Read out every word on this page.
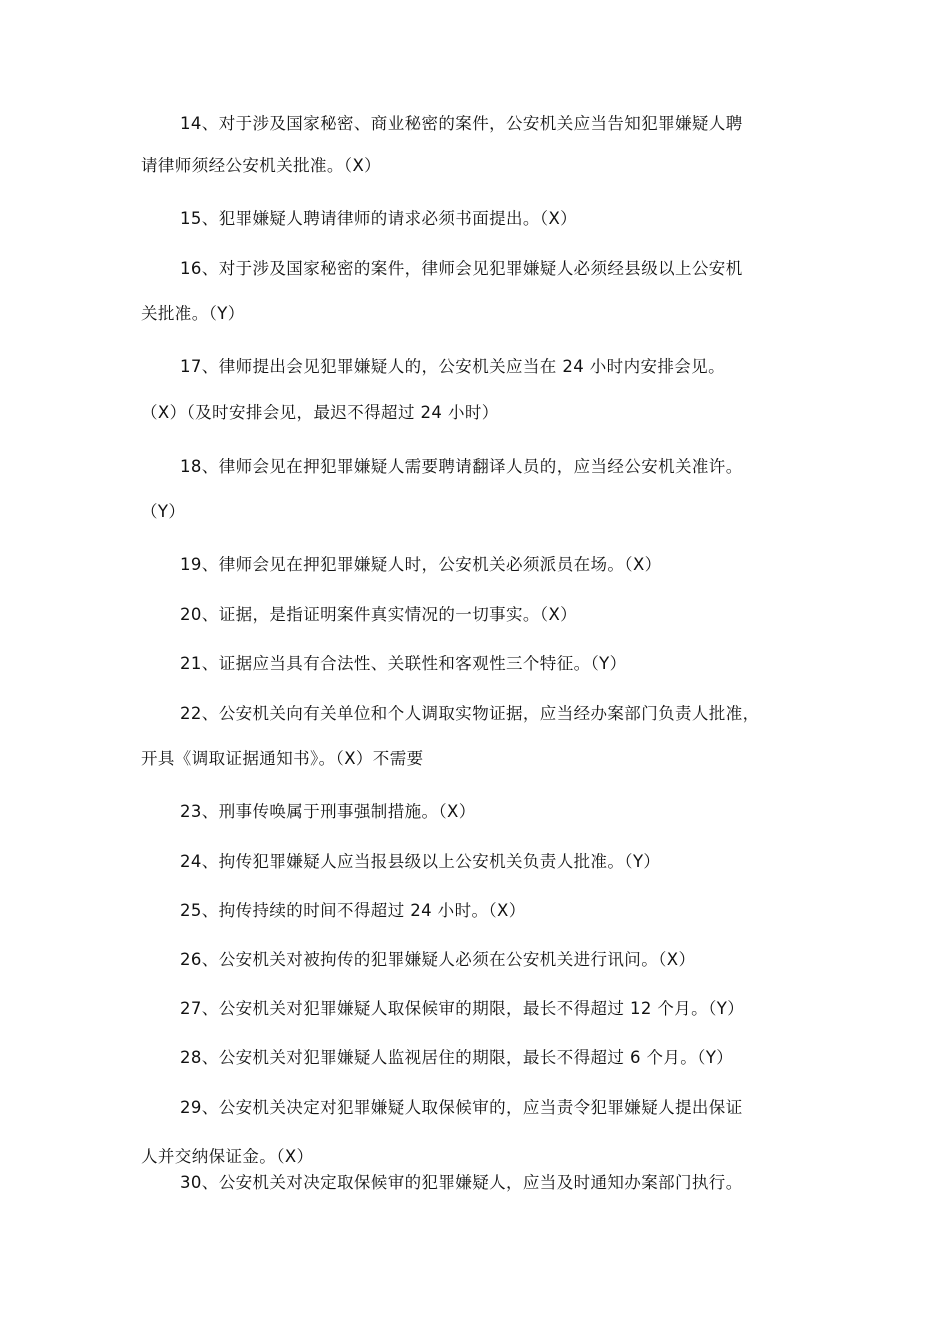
14、对于涉及国家秘密、商业秘密的案件，公安机关应当告知犯罪嫌疑人聘
请律师须经公安机关批准。（X）
15、犯罪嫌疑人聘请律师的请求必须书面提出。（X）
16、对于涉及国家秘密的案件，律师会见犯罪嫌疑人必须经县级以上公安机
关批准。（Y）
17、律师提出会见犯罪嫌疑人的，公安机关应当在 24 小时内安排会见。
（X）（及时安排会见，最迟不得超过 24 小时）
18、律师会见在押犯罪嫌疑人需要聘请翻译人员的，应当经公安机关准许。
（Y）
19、律师会见在押犯罪嫌疑人时，公安机关必须派员在场。（X）
20、证据，是指证明案件真实情况的一切事实。（X）
21、证据应当具有合法性、关联性和客观性三个特征。（Y）
22、公安机关向有关单位和个人调取实物证据，应当经办案部门负责人批准，
开具《调取证据通知书》。（X）不需要
23、刑事传唤属于刑事强制措施。（X）
24、拘传犯罪嫌疑人应当报县级以上公安机关负责人批准。（Y）
25、拘传持续的时间不得超过 24 小时。（X）
26、公安机关对被拘传的犯罪嫌疑人必须在公安机关进行讯问。（X）
27、公安机关对犯罪嫌疑人取保候审的期限，最长不得超过 12 个月。（Y）
28、公安机关对犯罪嫌疑人监视居住的期限，最长不得超过 6 个月。（Y）
29、公安机关决定对犯罪嫌疑人取保候审的，应当责令犯罪嫌疑人提出保证
人并交纳保证金。（X）
30、公安机关对决定取保候审的犯罪嫌疑人，应当及时通知办案部门执行。
